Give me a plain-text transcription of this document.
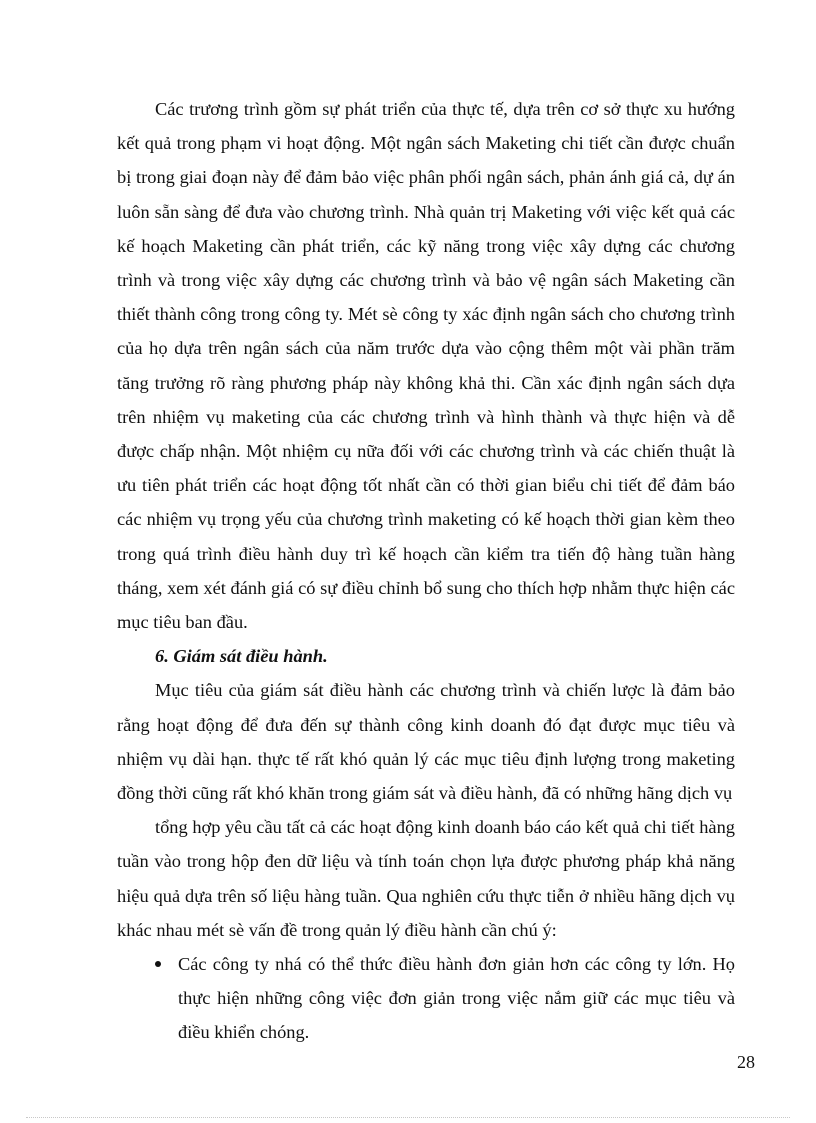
Các trương trình gồm sự phát triển của thực tế, dựa trên cơ sở thực xu hướng kết quả trong phạm vi hoạt động. Một ngân sách Maketing chi tiết cần được chuẩn bị trong giai đoạn này để đảm bảo việc phân phối ngân sách, phản ánh giá cả, dự án luôn sẵn sàng để đưa vào chương trình. Nhà quản trị Maketing với việc kết quả các kế hoạch Maketing cần phát triển, các kỹ năng trong việc xây dựng các chương trình và trong việc xây dựng các chương trình và bảo vệ ngân sách Maketing cần thiết thành công trong công ty. Mét sè công ty xác định ngân sách cho chương trình của họ dựa trên ngân sách của năm trước dựa vào cộng thêm một vài phần trăm tăng trưởng rõ ràng phương pháp này không khả thi. Cần xác định ngân sách dựa trên nhiệm vụ maketing của các chương trình và hình thành và thực hiện và dễ được chấp nhận. Một nhiệm cụ nữa đối với các chương trình và các chiến thuật là ưu tiên phát triển các hoạt động tốt nhất cần có thời gian biểu chi tiết để đảm báo các nhiệm vụ trọng yếu của chương trình maketing có kế hoạch thời gian kèm theo trong quá trình điều hành duy trì kế hoạch cần kiểm tra tiến độ hàng tuần hàng tháng, xem xét đánh giá có sự điều chỉnh bổ sung cho thích hợp nhằm thực hiện các mục tiêu ban đầu.

6. Giám sát điều hành.

Mục tiêu của giám sát điều hành các chương trình và chiến lược là đảm bảo rằng hoạt động để đưa đến sự thành công kinh doanh đó đạt được mục tiêu và nhiệm vụ dài hạn. thực tế rất khó quản lý các mục tiêu định lượng trong maketing đồng thời cũng rất khó khăn trong giám sát và điều hành, đã có những hãng dịch vụ

tổng hợp yêu cầu tất cả các hoạt động kinh doanh báo cáo kết quả chi tiết hàng tuần vào trong hộp đen dữ liệu và tính toán chọn lựa được phương pháp khả năng hiệu quả dựa trên số liệu hàng tuần. Qua nghiên cứu thực tiễn ở nhiều hãng dịch vụ khác nhau mét sè vấn đề trong quản lý điều hành cần chú ý:

Các công ty nhá có thể thức điều hành đơn giản hơn các công ty lớn. Họ thực hiện những công việc đơn giản trong việc nắm giữ các mục tiêu và điều khiển chóng.
28
